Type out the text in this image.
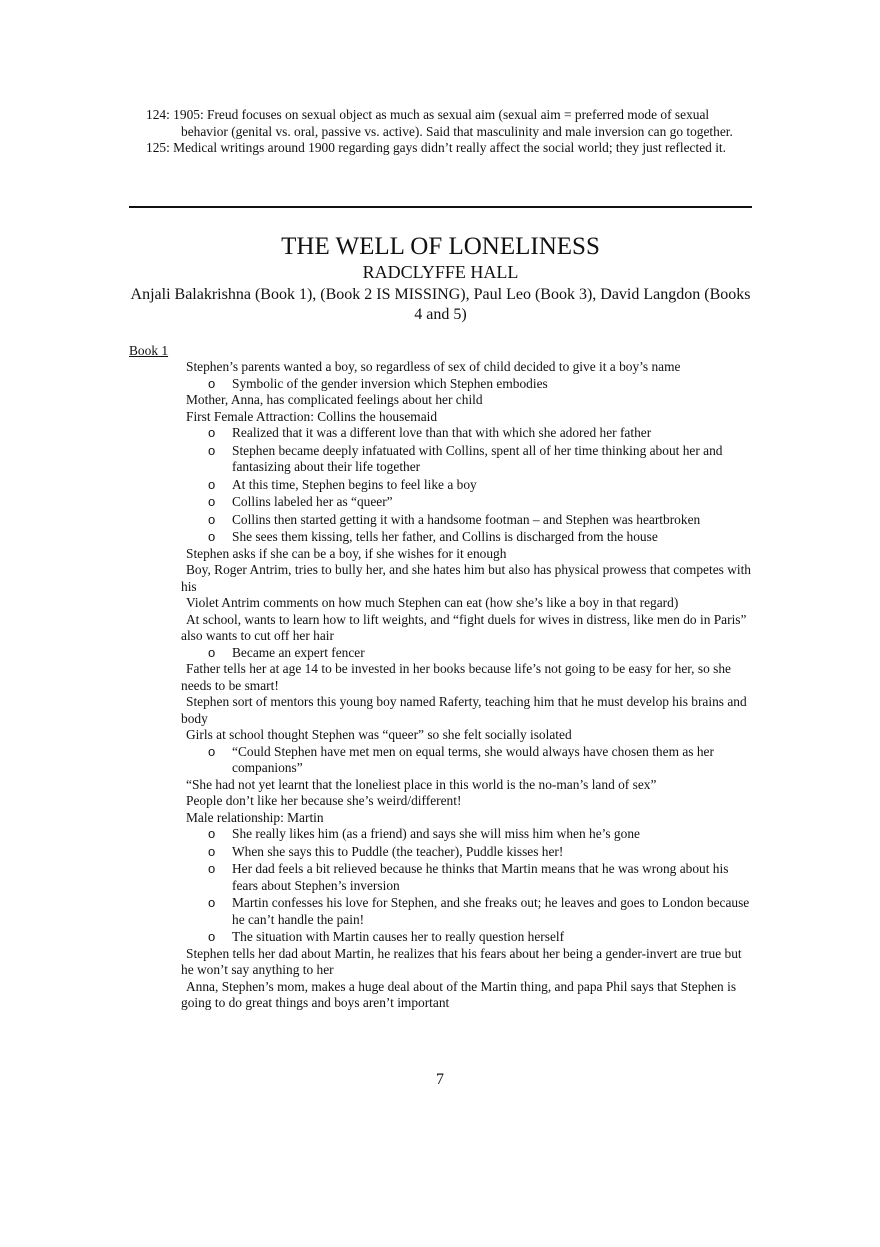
124: 1905: Freud focuses on sexual object as much as sexual aim (sexual aim = preferred mode of sexual behavior (genital vs. oral, passive vs. active). Said that masculinity and male inversion can go together.
125: Medical writings around 1900 regarding gays didn’t really affect the social world; they just reflected it.
THE WELL OF LONELINESS
RADCLYFFE HALL
Anjali Balakrishna (Book 1), (Book 2 IS MISSING), Paul Leo (Book 3), David Langdon (Books 4 and 5)
Book 1
Stephen’s parents wanted a boy, so regardless of sex of child decided to give it a boy’s name
o Symbolic of the gender inversion which Stephen embodies
Mother, Anna, has complicated feelings about her child
First Female Attraction: Collins the housemaid
o Realized that it was a different love than that with which she adored her father
o Stephen became deeply infatuated with Collins, spent all of her time thinking about her and fantasizing about their life together
o At this time, Stephen begins to feel like a boy
o Collins labeled her as “queer”
o Collins then started getting it with a handsome footman – and Stephen was heartbroken
o She sees them kissing, tells her father, and Collins is discharged from the house
Stephen asks if she can be a boy, if she wishes for it enough
Boy, Roger Antrim, tries to bully her, and she hates him but also has physical prowess that competes with his
Violet Antrim comments on how much Stephen can eat (how she’s like a boy in that regard)
At school, wants to learn how to lift weights, and “fight duels for wives in distress, like men do in Paris” also wants to cut off her hair
o Became an expert fencer
Father tells her at age 14 to be invested in her books because life’s not going to be easy for her, so she needs to be smart!
Stephen sort of mentors this young boy named Raferty, teaching him that he must develop his brains and body
Girls at school thought Stephen was “queer” so she felt socially isolated
o “Could Stephen have met men on equal terms, she would always have chosen them as her companions”
“She had not yet learnt that the loneliest place in this world is the no-man’s land of sex”
People don’t like her because she’s weird/different!
Male relationship: Martin
o She really likes him (as a friend) and says she will miss him when he’s gone
o When she says this to Puddle (the teacher), Puddle kisses her!
o Her dad feels a bit relieved because he thinks that Martin means that he was wrong about his fears about Stephen’s inversion
o Martin confesses his love for Stephen, and she freaks out; he leaves and goes to London because he can’t handle the pain!
o The situation with Martin causes her to really question herself
Stephen tells her dad about Martin, he realizes that his fears about her being a gender-invert are true but he won’t say anything to her
Anna, Stephen’s mom, makes a huge deal about of the Martin thing, and papa Phil says that Stephen is going to do great things and boys aren’t important
7
